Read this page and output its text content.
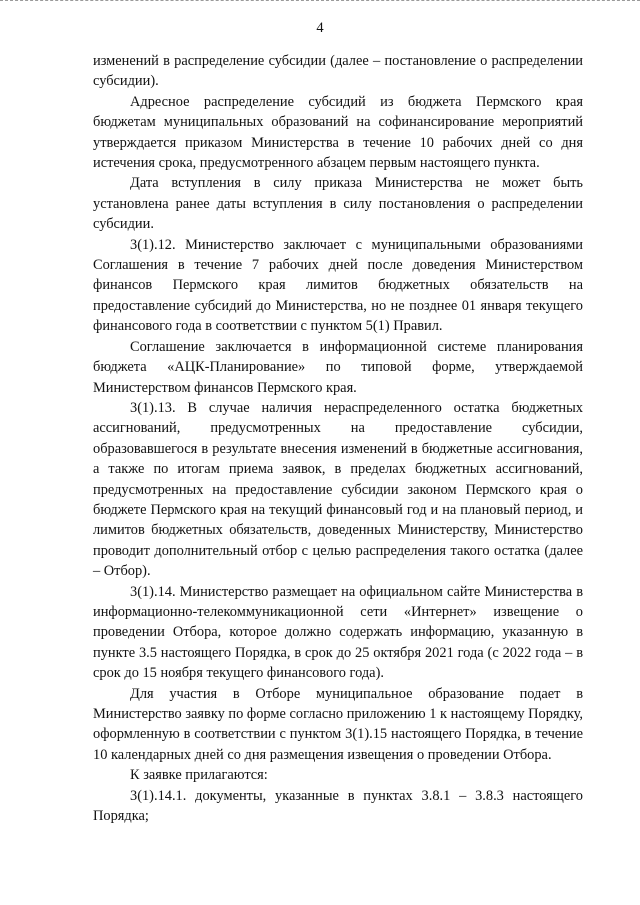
4

изменений в распределение субсидии (далее – постановление о распределении субсидии).

Адресное распределение субсидий из бюджета Пермского края бюджетам муниципальных образований на софинансирование мероприятий утверждается приказом Министерства в течение 10 рабочих дней со дня истечения срока, предусмотренного абзацем первым настоящего пункта.

Дата вступления в силу приказа Министерства не может быть установлена ранее даты вступления в силу постановления о распределении субсидии.

3(1).12. Министерство заключает с муниципальными образованиями Соглашения в течение 7 рабочих дней после доведения Министерством финансов Пермского края лимитов бюджетных обязательств на предоставление субсидий до Министерства, но не позднее 01 января текущего финансового года в соответствии с пунктом 5(1) Правил.

Соглашение заключается в информационной системе планирования бюджета «АЦК-Планирование» по типовой форме, утверждаемой Министерством финансов Пермского края.

3(1).13. В случае наличия нераспределенного остатка бюджетных ассигнований, предусмотренных на предоставление субсидии, образовавшегося в результате внесения изменений в бюджетные ассигнования, а также по итогам приема заявок, в пределах бюджетных ассигнований, предусмотренных на предоставление субсидии законом Пермского края о бюджете Пермского края на текущий финансовый год и на плановый период, и лимитов бюджетных обязательств, доведенных Министерству, Министерство проводит дополнительный отбор с целью распределения такого остатка (далее – Отбор).

3(1).14. Министерство размещает на официальном сайте Министерства в информационно-телекоммуникационной сети «Интернет» извещение о проведении Отбора, которое должно содержать информацию, указанную в пункте 3.5 настоящего Порядка, в срок до 25 октября 2021 года (с 2022 года – в срок до 15 ноября текущего финансового года).

Для участия в Отборе муниципальное образование подает в Министерство заявку по форме согласно приложению 1 к настоящему Порядку, оформленную в соответствии с пунктом 3(1).15 настоящего Порядка, в течение 10 календарных дней со дня размещения извещения о проведении Отбора.

К заявке прилагаются:

3(1).14.1. документы, указанные в пунктах 3.8.1 – 3.8.3 настоящего Порядка;
